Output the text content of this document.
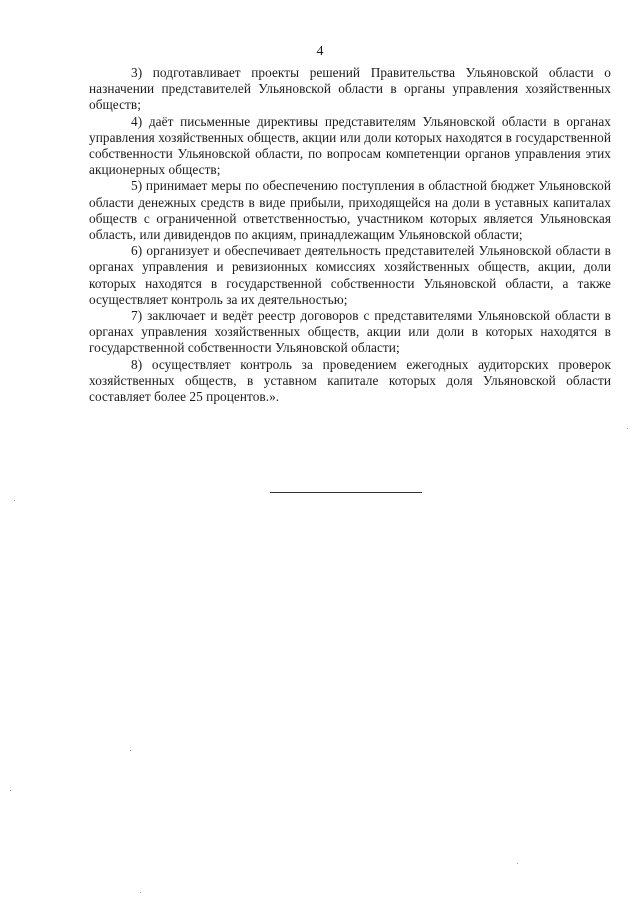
4

3) подготавливает проекты решений Правительства Ульяновской области о назначении представителей Ульяновской области в органы управления хозяйственных обществ;

4) даёт письменные директивы представителям Ульяновской области в органах управления хозяйственных обществ, акции или доли которых находятся в государственной собственности Ульяновской области, по вопросам компетенции органов управления этих акционерных обществ;

5) принимает меры по обеспечению поступления в областной бюджет Ульяновской области денежных средств в виде прибыли, приходящейся на доли в уставных капиталах обществ с ограниченной ответственностью, участником которых является Ульяновская область, или дивидендов по акциям, принадлежащим Ульяновской области;

6) организует и обеспечивает деятельность представителей Ульяновской области в органах управления и ревизионных комиссиях хозяйственных обществ, акции, доли которых находятся в государственной собственности Ульяновской области, а также осуществляет контроль за их деятельностью;

7) заключает и ведёт реестр договоров с представителями Ульяновской области в органах управления хозяйственных обществ, акции или доли в которых находятся в государственной собственности Ульяновской области;

8) осуществляет контроль за проведением ежегодных аудиторских проверок хозяйственных обществ, в уставном капитале которых доля Ульяновской области составляет более 25 процентов.».
